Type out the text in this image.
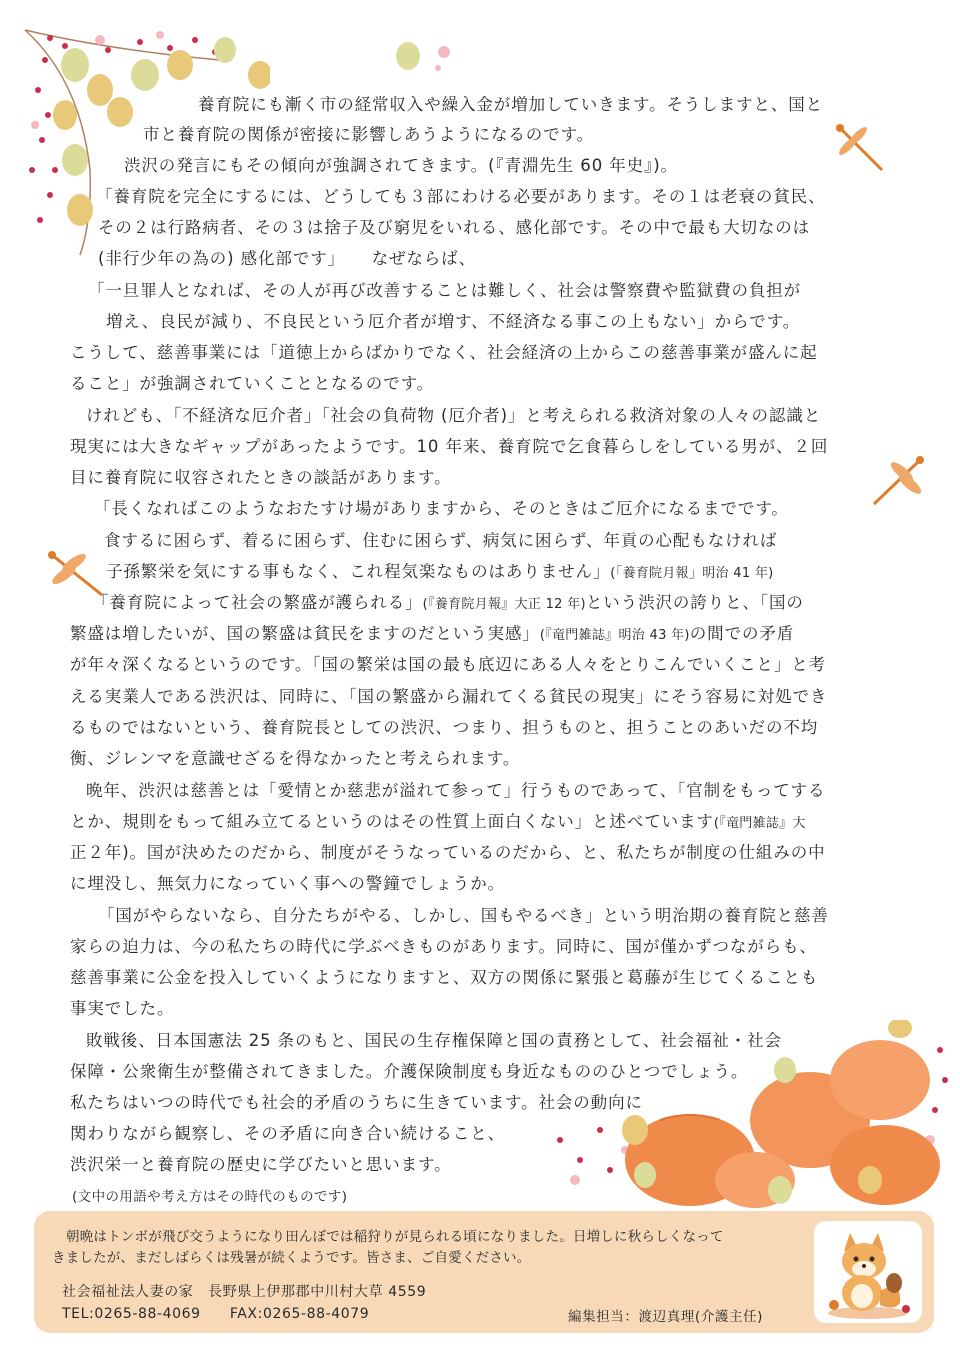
養育院にも漸く市の経常収入や繰入金が増加していきます。そうしますと、国と
市と養育院の関係が密接に影響しあうようになるのです。
渋沢の発言にもその傾向が強調されてきます。(『青淵先生 60 年史』)。
「養育院を完全にするには、どうしても３部にわける必要があります。その１は老衰の貧民、
その２は行路病者、その３は捨子及び窮児をいれる、感化部です。その中で最も大切なのは
(非行少年の為の) 感化部です」　　なぜならば、
「一旦罪人となれば、その人が再び改善することは難しく、社会は警察費や監獄費の負担が
増え、良民が減り、不良民という厄介者が増す、不経済なる事この上もない」からです。
こうして、慈善事業には「道徳上からばかりでなく、社会経済の上からこの慈善事業が盛んに起
ること」が強調されていくこととなるのです。
けれども、「不経済な厄介者」「社会の負荷物 (厄介者)」と考えられる救済対象の人々の認識と
現実には大きなギャップがあったようです。10 年来、養育院で乞食暮らしをしている男が、２回
目に養育院に収容されたときの談話があります。
「長くなればこのようなおたすけ場がありますから、そのときはご厄介になるまでです。
食するに困らず、着るに困らず、住むに困らず、病気に困らず、年貢の心配もなければ
子孫繁栄を気にする事もなく、これ程気楽なものはありません」(「養育院月報」明治 41 年)
「養育院によって社会の繁盛が護られる」(『養育院月報』大正 12 年)という渋沢の誇りと、「国の
繁盛は増したいが、国の繁盛は貧民をますのだという実感」(『竜門雑誌』明治 43 年)の間での矛盾
が年々深くなるというのです。「国の繁栄は国の最も底辺にある人々をとりこんでいくこと」と考
える実業人である渋沢は、同時に、「国の繁盛から漏れてくる貧民の現実」にそう容易に対処でき
るものではないという、養育院長としての渋沢、つまり、担うものと、担うことのあいだの不均
衡、ジレンマを意識せざるを得なかったと考えられます。
晩年、渋沢は慈善とは「愛情とか慈悲が溢れて参って」行うものであって、「官制をもってする
とか、規則をもって組み立てるというのはその性質上面白くない」と述べています(『竜門雑誌』大
正２年)。国が決めたのだから、制度がそうなっているのだから、と、私たちが制度の仕組みの中
に埋没し、無気力になっていく事への警鐘でしょうか。
「国がやらないなら、自分たちがやる、しかし、国もやるべき」という明治期の養育院と慈善
家らの迫力は、今の私たちの時代に学ぶべきものがあります。同時に、国が僅かずつながらも、
慈善事業に公金を投入していくようになりますと、双方の関係に緊張と葛藤が生じてくることも
事実でした。
敗戦後、日本国憲法 25 条のもと、国民の生存権保障と国の責務として、社会福祉・社会
保障・公衆衛生が整備されてきました。介護保険制度も身近なもののひとつでしょう。
私たちはいつの時代でも社会的矛盾のうちに生きています。社会の動向に
関わりながら観察し、その矛盾に向き合い続けること、
渋沢栄一と養育院の歴史に学びたいと思います。
(文中の用語や考え方はその時代のものです)
朝晩はトンボが飛び交うようになり田んぼでは稲狩りが見られる頃になりました。日増しに秋らしくなって
きましたが、まだしばらくは残暑が続くようです。皆さま、ご自愛ください。
社会福祉法人妻の家　長野県上伊那郡中川村大草 4559
TEL:0265-88-4069　　FAX:0265-88-4079	編集担当：渡辺真理(介護主任)
